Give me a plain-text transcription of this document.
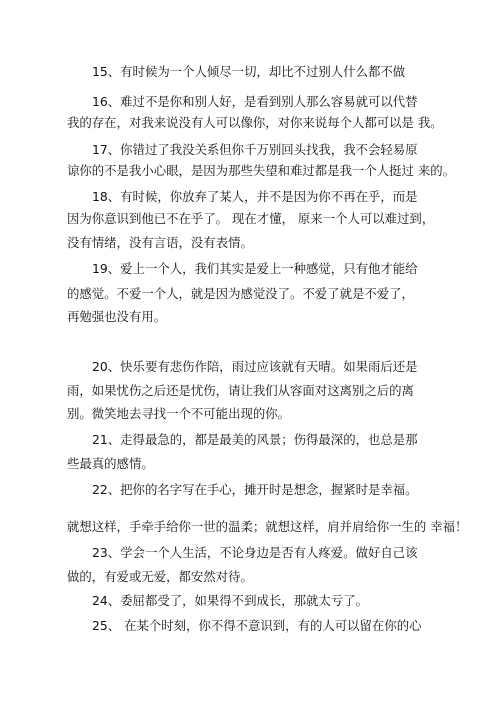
15、有时候为一个人倾尽一切，却比不过别人什么都不做
16、难过不是你和别人好，是看到别人那么容易就可以代替
我的存在，对我来说没有人可以像你，对你来说每个人都可以是 我。
17、你错过了我没关系但你千万别回头找我，我不会轻易原
谅你的不是我小心眼，是因为那些失望和难过都是我一个人挺过 来的。
18、有时候，你放弃了某人，并不是因为你不再在乎，而是
因为你意识到他已不在乎了。 现在才懂， 原来一个人可以难过到，
没有情绪，没有言语，没有表情。
19、爱上一个人，我们其实是爱上一种感觉，只有他才能给
的感觉。不爱一个人，就是因为感觉没了。不爱了就是不爱了，
再勉强也没有用。
20、快乐要有悲伤作陪，雨过应该就有天晴。如果雨后还是
雨，如果忧伤之后还是忧伤，请让我们从容面对这离别之后的离
别。微笑地去寻找一个不可能出现的你。
21、走得最急的，都是最美的风景；伤得最深的，也总是那
些最真的感情。
22、把你的名字写在手心，摊开时是想念，握紧时是幸福。
就想这样，手牵手给你一世的温柔；就想这样，肩并肩给你一生的 幸福！
23、学会一个人生活，不论身边是否有人疼爱。做好自己该
做的，有爱或无爱，都安然对待。
24、委屈都受了，如果得不到成长，那就太亏了。
25、 在某个时刻，你不得不意识到，有的人可以留在你的心
